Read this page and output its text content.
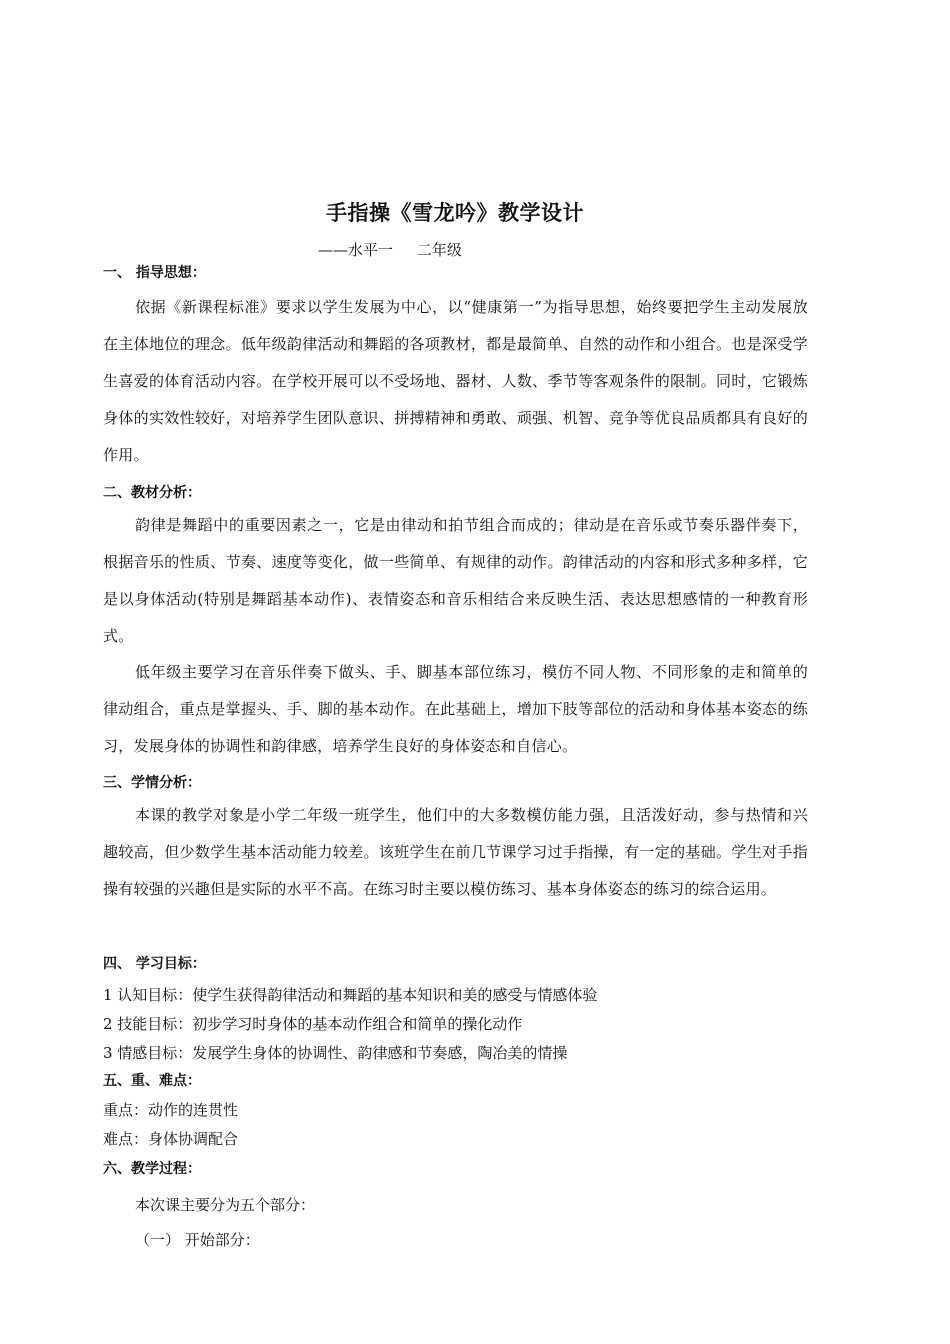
手指操《雪龙吟》教学设计
——水平一     二年级
一、 指导思想：
依据《新课程标准》要求以学生发展为中心，以“健康第一”为指导思想，始终要把学生主动发展放在主体地位的理念。低年级韵律活动和舞蹈的各项教材，都是最简单、自然的动作和小组合。也是深受学生喜爱的体育活动内容。在学校开展可以不受场地、器材、人数、季节等客观条件的限制。同时，它锻炼身体的实效性较好，对培养学生团队意识、拼搏精神和勇敢、顽强、机智、竞争等优良品质都具有良好的作用。
二、教材分析：
韵律是舞蹈中的重要因素之一，它是由律动和拍节组合而成的；律动是在音乐或节奏乐器伴奏下，根据音乐的性质、节奏、速度等变化，做一些简单、有规律的动作。韵律活动的内容和形式多种多样，它是以身体活动(特别是舞蹈基本动作)、表情姿态和音乐相结合来反映生活、表达思想感情的一种教育形式。
低年级主要学习在音乐伴奏下做头、手、脚基本部位练习，模仿不同人物、不同形象的走和简单的律动组合，重点是掌握头、手、脚的基本动作。在此基础上，增加下肢等部位的活动和身体基本姿态的练习，发展身体的协调性和韵律感，培养学生良好的身体姿态和自信心。
三、学情分析：
本课的教学对象是小学二年级一班学生，他们中的大多数模仿能力强，且活泼好动，参与热情和兴趣较高，但少数学生基本活动能力较差。该班学生在前几节课学习过手指操，有一定的基础。学生对手指操有较强的兴趣但是实际的水平不高。在练习时主要以模仿练习、基本身体姿态的练习的综合运用。
四、 学习目标：
1 认知目标：使学生获得韵律活动和舞蹈的基本知识和美的感受与情感体验
2 技能目标：初步学习时身体的基本动作组合和简单的操化动作
3 情感目标：发展学生身体的协调性、韵律感和节奏感，陶冶美的情操
五、重、难点：
重点：动作的连贯性
难点：身体协调配合
六、教学过程：
本次课主要分为五个部分：
（一） 开始部分：
